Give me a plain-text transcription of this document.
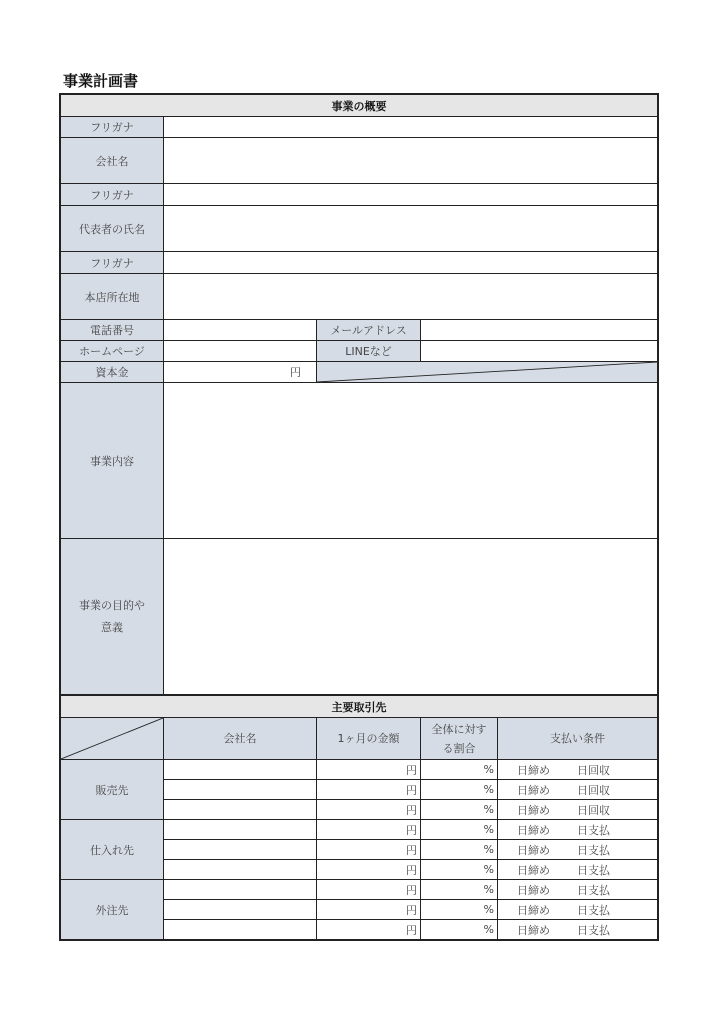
事業計画書
事業の概要			
フリガナ			
会社名			
フリガナ			
代表者の氏名			
フリガナ			
本店所在地			
電話番号		メールアドレス	
ホームページ		LINEなど	
資本金	円	

事業内容			
事業の目的や
意義			
主要取引先				

	会社名	1ヶ月の金額	全体に対す
る割合	支払い条件
販売先		円	%	日締め 日回収
		円	%	日締め 日回収
		円	%	日締め 日回収
仕入れ先		円	%	日締め 日支払
		円	%	日締め 日支払
		円	%	日締め 日支払
外注先		円	%	日締め 日支払
		円	%	日締め 日支払
		円	%	日締め 日支払
